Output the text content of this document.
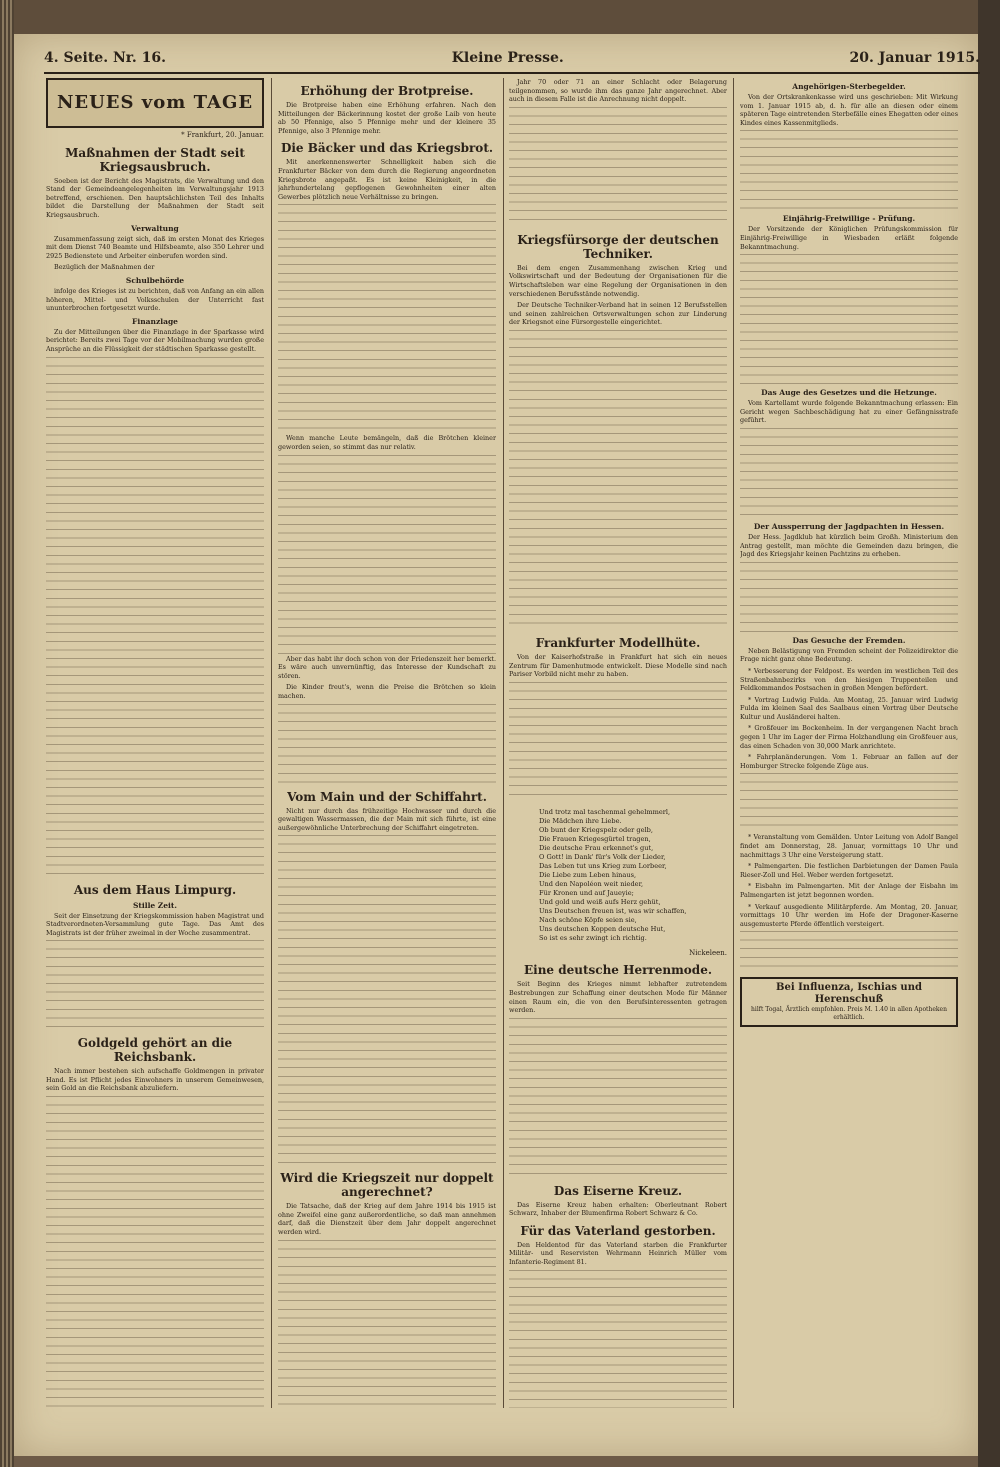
4. Seite. Nr. 16.	Kleine Presse.	20. Januar 1915.
NEUES vom TAGE
* Frankfurt, 20. Januar.
Maßnahmen der Stadt seit Kriegsausbruch.

Soeben ist der Bericht des Magistrats, die Verwaltung und den Stand der Gemeindeangelegenheiten im Verwaltungsjahr 1913 betreffend, erschienen. Den hauptsächlichsten Teil des Inhalts bildet die Darstellung der Maßnahmen der Stadt seit Kriegsausbruch.

Verwaltung

Zusammenfassung zeigt sich, daß im ersten Monat des Krieges mit dem Dienst 740 Beamte und Hilfsbeamte, also 350 Lehrer und 2925 Bedienstete und Arbeiter einberufen worden sind.

Bezüglich der Maßnahmen der

Schulbehörde

infolge des Krieges ist zu berichten, daß von Anfang an ein allen höheren, Mittel- und Volksschulen der Unterricht fast ununterbrochen fortgesetzt wurde.

Finanzlage

Zu der Mitteilungen über die Finanzlage in der Sparkasse wird berichtet: Bereits zwei Tage vor der Mobilmachung wurden große Ansprüche an die Flüssigkeit der städtischen Sparkasse gestellt.

Aus dem Haus Limpurg.
Stille Zeit.

Seit der Einsetzung der Kriegskommission haben Magistrat und Stadtverordneten-Versammlung gute Tage. Das Amt des Magistrats ist der früher zweimal in der Woche zusammentrat.

Goldgeld gehört an die Reichsbank.

Nach immer bestehen sich aufschaffe Goldmengen in privater Hand. Es ist Pflicht jedes Einwohners in unserem Gemeinwesen, sein Gold an die Reichsbank abzuliefern.

Erhöhung der Brotpreise.

Die Brotpreise haben eine Erhöhung erfahren. Nach den Mitteilungen der Bäckerinnung kostet der große Laib von heute ab 50 Pfennige, also 5 Pfennige mehr und der kleinere 35 Pfennige, also 3 Pfennige mehr.

Die Bäcker und das Kriegsbrot.

Mit anerkennenswerter Schnelligkeit haben sich die Frankfurter Bäcker von dem durch die Regierung angeordneten Kriegsbrote angepaßt. Es ist keine Kleinigkeit, in die jahrhundertelang gepflogenen Gewohnheiten einer alten Gewerbes plötzlich neue Verhältnisse zu bringen.

Wenn manche Leute bemängeln, daß die Brötchen kleiner geworden seien, so stimmt das nur relativ.

Aber das habt ihr doch schon von der Friedenszeit her bemerkt. Es wäre auch unvernünftig, das Interesse der Kundschaft zu stören.

Die Kinder freut's, wenn die Preise die Brötchen so klein machen.

Vom Main und der Schiffahrt.

Nicht nur durch das frühzeitige Hochwasser und durch die gewaltigen Wassermassen, die der Main mit sich führte, ist eine außergewöhnliche Unterbrechung der Schiffahrt eingetreten.

Wird die Kriegszeit nur doppelt angerechnet?

Die Tatsache, daß der Krieg auf dem Jahre 1914 bis 1915 ist ohne Zweifel eine ganz außerordentliche, so daß man annehmen darf, daß die Dienstzeit über dem Jahr doppelt angerechnet werden wird.

Jahr 70 oder 71 an einer Schlacht oder Belagerung teilgenommen, so wurde ihm das ganze Jahr angerechnet. Aber auch in diesem Falle ist die Anrechnung nicht doppelt.

Kriegsfürsorge der deutschen Techniker.

Bei dem engen Zusammenhang zwischen Krieg und Volkswirtschaft und der Bedeutung der Organisationen für die Wirtschaftsleben war eine Regelung der Organisationen in den verschiedenen Berufsstände notwendig.

Der Deutsche Techniker-Verband hat in seinen 12 Berufsstellen und seinen zahlreichen Ortsverwaltungen schon zur Linderung der Kriegsnot eine Fürsorgestelle eingerichtet.

Frankfurter Modellhüte.

Von der Kaiserhofstraße in Frankfurt hat sich ein neues Zentrum für Damenhutmode entwickelt. Diese Modelle sind nach Pariser Vorbild nicht mehr zu haben.

Und trotz mal taschenmal gehelmmerl,
Die Mädchen ihre Liebe.
Ob bunt der Kriegspelz oder gelb,
Die Frauen Kriegesgürtel tragen,
Die deutsche Frau erkennet's gut,
O Gott! in Dank' für's Volk der Lieder,
Das Leben tut uns Krieg zum Lorbeer,
Die Liebe zum Leben hinaus,
Und den Napoléon weit nieder,
Für Kronen und auf Jaueyie;
Und gold und weiß aufs Herz gehüt,
Uns Deutschen freuen ist, was wir schaffen,
Nach schöne Köpfe seien sie,
Uns deutschen Koppen deutsche Hut,
So ist es sehr zwingt ich richtig.
Nickeleen.
Eine deutsche Herrenmode.

Seit Beginn des Krieges nimmt lebhafter zutretendem Bestrebungen zur Schaffung einer deutschen Mode für Männer einen Raum ein, die von den Berufsinteressenten getragen werden.

Das Eiserne Kreuz.

Das Eiserne Kreuz haben erhalten: Oberleutnant Robert Schwarz, Inhaber der Blumenfirma Robert Schwarz & Co.

Für das Vaterland gestorben.

Den Heldentod für das Vaterland starben die Frankfurter Militär- und Reservisten Wehrmann Heinrich Müller vom Infanterie-Regiment 81.

Angehörigen-Sterbegelder.

Von der Ortskrankenkasse wird uns geschrieben: Mit Wirkung vom 1. Januar 1915 ab, d. h. für alle an diesen oder einem späteren Tage eintretenden Sterbefälle eines Ehegatten oder eines Kindes eines Kassenmitglieds.

Einjährig-Freiwillige - Prüfung.

Der Vorsitzende der Königlichen Prüfungskommission für Einjährig-Freiwillige in Wiesbaden erläßt folgende Bekanntmachung.

Das Auge des Gesetzes und die Hetzunge.

Vom Kartellamt wurde folgende Bekanntmachung erlassen: Ein Gericht wegen Sachbeschädigung hat zu einer Gefängnisstrafe geführt.

Der Aussperrung der Jagdpachten in Hessen.

Der Hess. Jagdklub hat kürzlich beim Großh. Ministerium den Antrag gestellt, man möchte die Gemeinden dazu bringen, die Jagd des Kriegsjahr keinen Pachtzins zu erheben.

Das Gesuche der Fremden.

Neben Belästigung von Fremden scheint der Polizeidirektor die Frage nicht ganz ohne Bedeutung.

* Verbesserung der Feldpost. Es werden im westlichen Teil des Straßenbahnbezirks von den hiesigen Truppenteilen und Feldkommandos Postsachen in großen Mengen befördert.

* Vortrag Ludwig Fulda. Am Montag, 25. Januar wird Ludwig Fulda im kleinen Saal des Saalbaus einen Vortrag über Deutsche Kultur und Ausländerei halten.

* Großfeuer im Bockenheim. In der vergangenen Nacht brach gegen 1 Uhr im Lager der Firma Holzhandlung ein Großfeuer aus, das einen Schaden von 30,000 Mark anrichtete.

* Fahrplanänderungen. Vom 1. Februar an fallen auf der Homburger Strecke folgende Züge aus.

* Veranstaltung vom Gemälden. Unter Leitung von Adolf Bangel findet am Donnerstag, 28. Januar, vormittags 10 Uhr und nachmittags 3 Uhr eine Versteigerung statt.

* Palmengarten. Die festlichen Darbietungen der Damen Paula Rieser-Zoll und Hel. Weber werden fortgesetzt.

* Eisbahn im Palmengarten. Mit der Anlage der Eisbahn im Palmengarten ist jetzt begonnen worden.

* Verkauf ausgediente Militärpferde. Am Montag, 20. Januar, vormittags 10 Uhr werden im Hofe der Dragoner-Kaserne ausgemusterte Pferde öffentlich versteigert.

Bei Influenza, Ischias und Herenschuß
hilft Togal, Ärztlich empfohlen. Preis M. 1.40 in allen Apotheken erhältlich.
